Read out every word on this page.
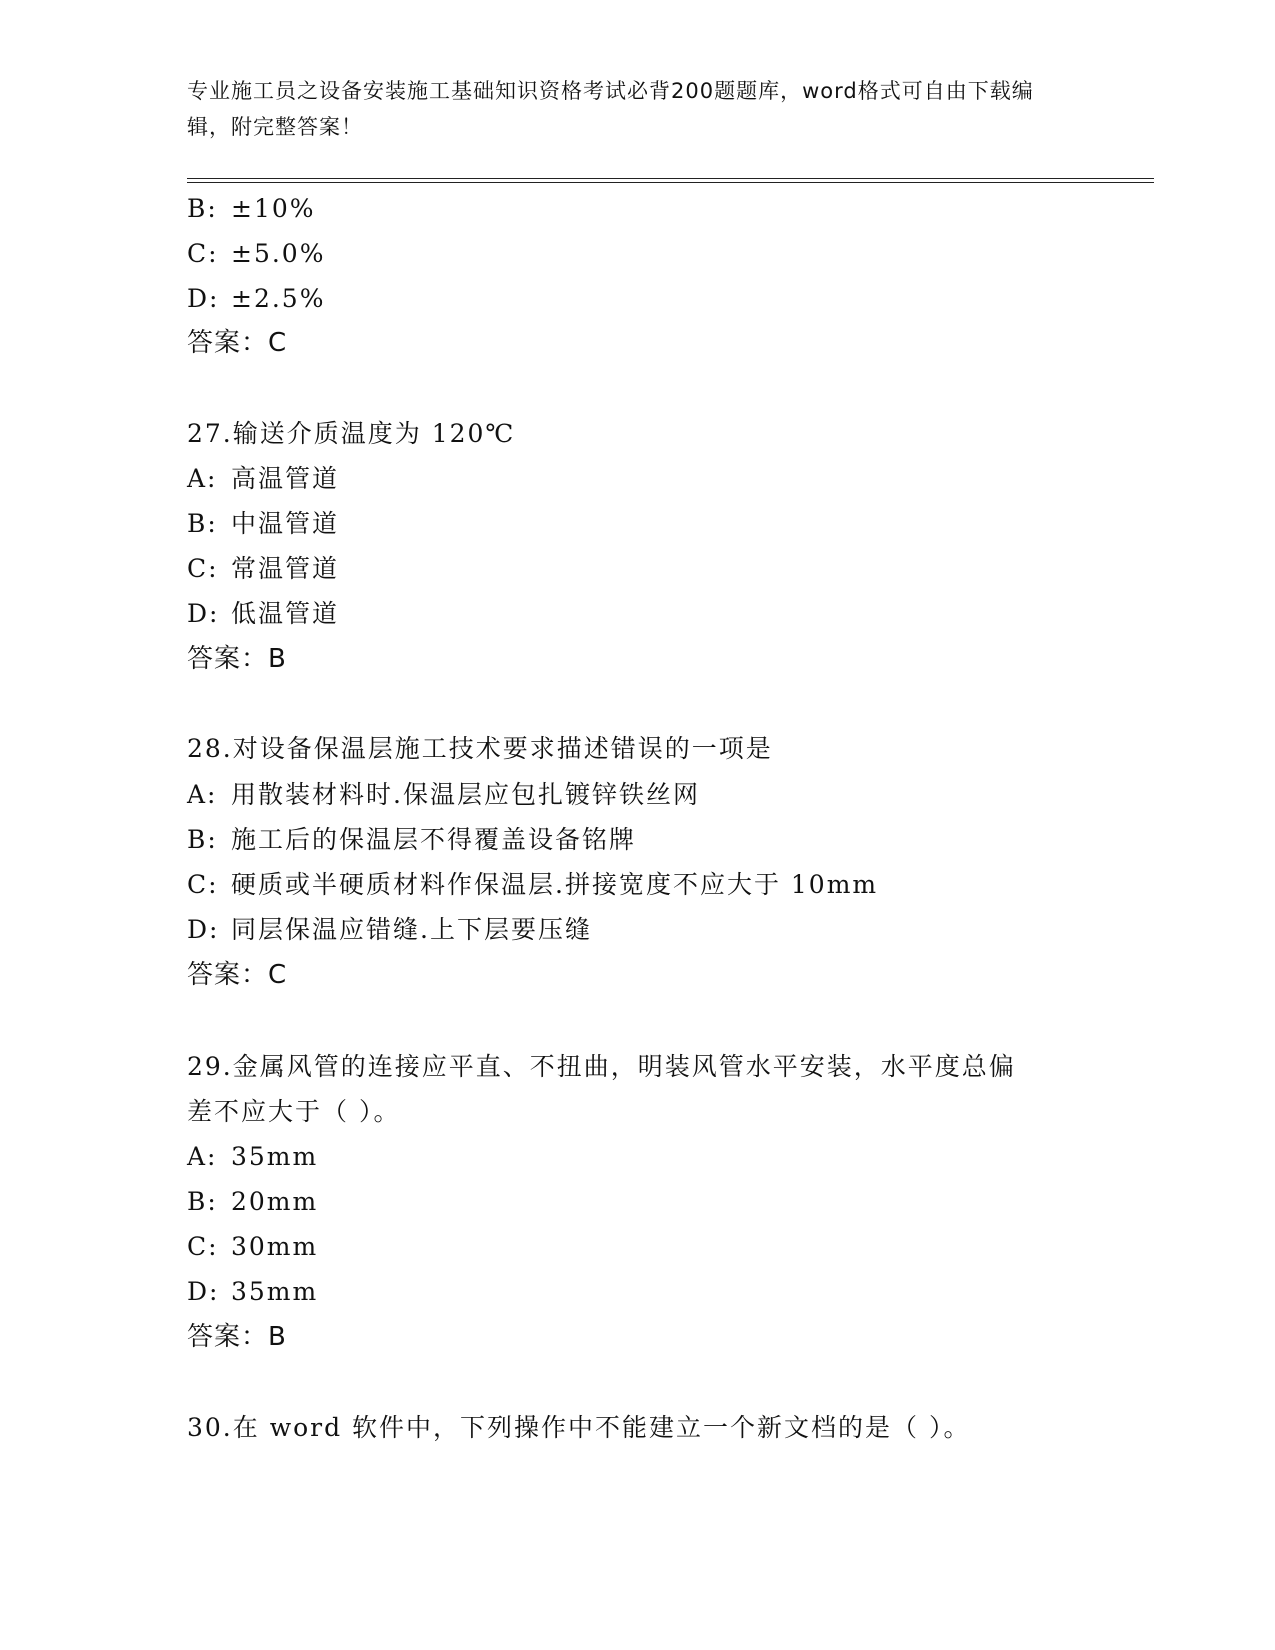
专业施工员之设备安装施工基础知识资格考试必背200题题库，word格式可自由下载编辑，附完整答案！
B: ±10%
C: ±5.0%
D: ±2.5%
答案：C
27.输送介质温度为 120℃
A: 高温管道
B: 中温管道
C: 常温管道
D: 低温管道
答案：B
28.对设备保温层施工技术要求描述错误的一项是
A: 用散装材料时.保温层应包扎镀锌铁丝网
B: 施工后的保温层不得覆盖设备铭牌
C: 硬质或半硬质材料作保温层.拼接宽度不应大于 10mm
D: 同层保温应错缝.上下层要压缝
答案：C
29.金属风管的连接应平直、不扭曲，明装风管水平安装，水平度总偏
差不应大于（ ）。
A: 35mm
B: 20mm
C: 30mm
D: 35mm
答案：B
30.在 word 软件中，下列操作中不能建立一个新文档的是（ ）。
